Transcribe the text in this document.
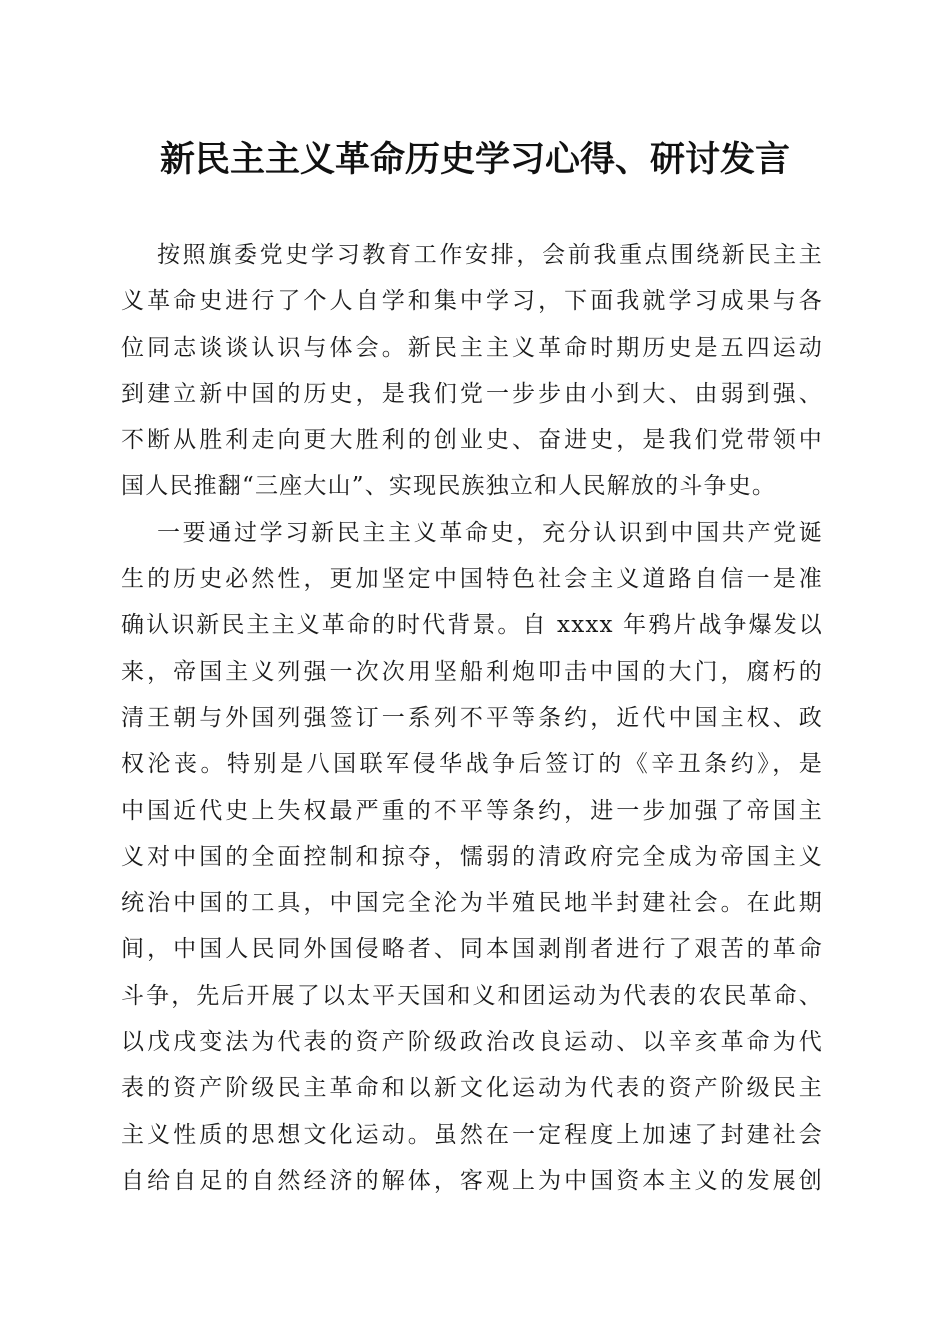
新民主主义革命历史学习心得、研讨发言
按照旗委党史学习教育工作安排，会前我重点围绕新民主主
义革命史进行了个人自学和集中学习，下面我就学习成果与各
位同志谈谈认识与体会。新民主主义革命时期历史是五四运动
到建立新中国的历史，是我们党一步步由小到大、由弱到强、
不断从胜利走向更大胜利的创业史、奋进史，是我们党带领中
国人民推翻“三座大山”、实现民族独立和人民解放的斗争史。
一要通过学习新民主主义革命史，充分认识到中国共产党诞
生的历史必然性，更加坚定中国特色社会主义道路自信一是准
确认识新民主主义革命的时代背景。自 xxxx 年鸦片战争爆发以
来，帝国主义列强一次次用坚船利炮叩击中国的大门，腐朽的
清王朝与外国列强签订一系列不平等条约，近代中国主权、政
权沦丧。特别是八国联军侵华战争后签订的《辛丑条约》，是
中国近代史上失权最严重的不平等条约，进一步加强了帝国主
义对中国的全面控制和掠夺，懦弱的清政府完全成为帝国主义
统治中国的工具，中国完全沦为半殖民地半封建社会。在此期
间，中国人民同外国侵略者、同本国剥削者进行了艰苦的革命
斗争，先后开展了以太平天国和义和团运动为代表的农民革命、
以戊戌变法为代表的资产阶级政治改良运动、以辛亥革命为代
表的资产阶级民主革命和以新文化运动为代表的资产阶级民主
主义性质的思想文化运动。虽然在一定程度上加速了封建社会
自给自足的自然经济的解体，客观上为中国资本主义的发展创
